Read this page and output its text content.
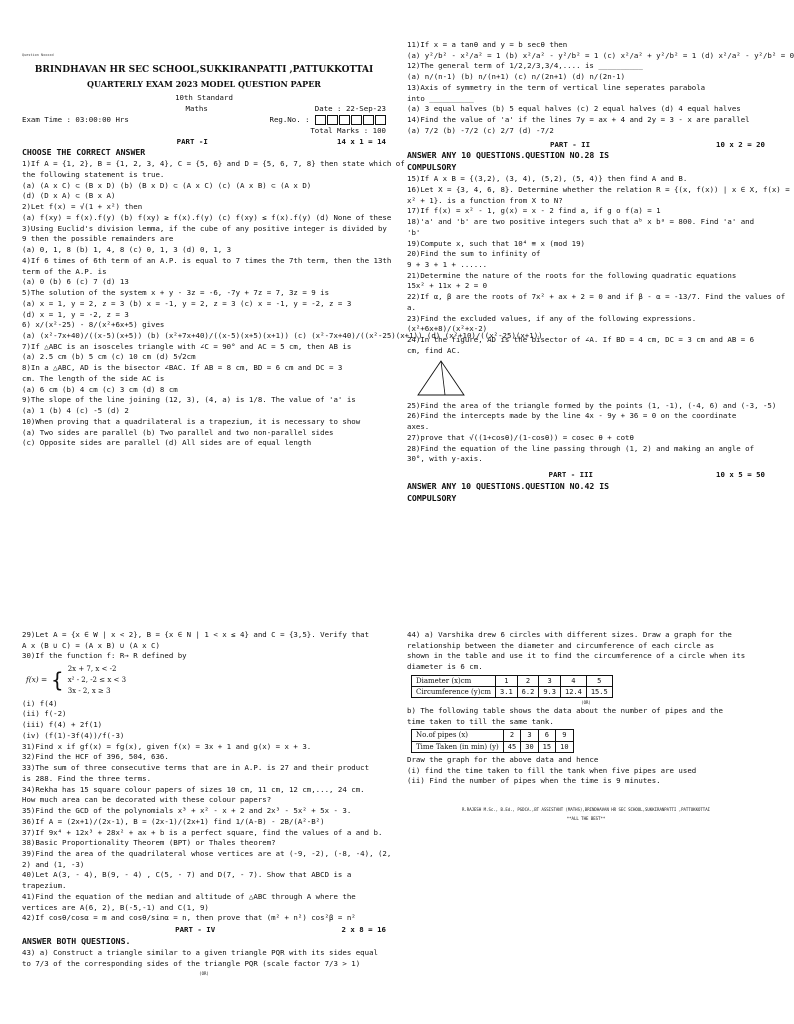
Question Nxxxxd
BRINDHAVAN HR SEC SCHOOL,SUKKIRANPATTI ,PATTUKKOTTAI
QUARTERLY EXAM 2023 MODEL QUESTION PAPER
10th Standard
Maths	Date : 22-Sep-23
Exam Time : 03:00:00 Hrs	Reg.No. :
Total Marks : 100
PART -I	14 x 1 = 14
CHOOSE THE CORRECT ANSWER
1)If A = {1, 2}, B = {1, 2, 3, 4}, C = {5, 6} and D = {5, 6, 7, 8} then state which of
the following statement is true.
(a) (A x C) ⊂ (B x D) (b) (B x D) ⊂ (A x C) (c) (A x B) ⊂ (A x D)
(d) (D x A) ⊂ (B x A)
2)Let f(x) = √(1 + x²) then
(a) f(xy) = f(x).f(y) (b) f(xy) ≥ f(x).f(y) (c) f(xy) ≤ f(x).f(y) (d) None of these
3)Using Euclid's division lemma, if the cube of any positive integer is divided by
9 then the possible remainders are
(a) 0, 1, 8 (b) 1, 4, 8 (c) 0, 1, 3 (d) 0, 1, 3
4)If 6 times of 6th term of an A.P. is equal to 7 times the 7th term, then the 13th
term of the A.P. is
(a) 0 (b) 6 (c) 7 (d) 13
5)The solution of the system x + y - 3z = -6, -7y + 7z = 7, 3z = 9 is
(a) x = 1, y = 2, z = 3 (b) x = -1, y = 2, z = 3 (c) x = -1, y = -2, z = 3
(d) x = 1, y = -2, z = 3
6) x/(x²-25) - 8/(x²+6x+5) gives
(a) (x²-7x+40)/((x-5)(x+5)) (b) (x²+7x+40)/((x-5)(x+5)(x+1)) (c) (x²-7x+40)/((x²-25)(x+1)) (d) (x²+10)/((x²-25)(x+1))
7)If △ABC is an isosceles triangle with ∠C = 90° and AC = 5 cm, then AB is
(a) 2.5 cm (b) 5 cm (c) 10 cm (d) 5√2cm
8)In a △ABC, AD is the bisector ∠BAC. If AB = 8 cm, BD = 6 cm and DC = 3
cm. The length of the side AC is
(a) 6 cm (b) 4 cm (c) 3 cm (d) 8 cm
9)The slope of the line joining (12, 3), (4, a) is 1/8. The value of 'a' is
(a) 1 (b) 4 (c) -5 (d) 2
10)When proving that a quadrilateral is a trapezium, it is necessary to show
(a) Two sides are parallel (b) Two parallel and two non-parallel sides
(c) Opposite sides are parallel (d) All sides are of equal length
11)If x = a tanθ and y = b secθ then
(a) y²/b² - x²/a² = 1 (b) x²/a² - y²/b² = 1 (c) x²/a² + y²/b² = 1 (d) x²/a² - y²/b² = 0
12)The general term of 1/2,2/3,3/4,.... is __________
(a) n/(n-1) (b) n/(n+1) (c) n/(2n+1) (d) n/(2n-1)
13)Axis of symmetry in the term of vertical line seperates parabola
into __________
(a) 3 equal halves (b) 5 equal halves (c) 2 equal halves (d) 4 equal halves
14)Find the value of 'a' if the lines 7y = ax + 4 and 2y = 3 - x are parallel
(a) 7/2 (b) -7/2 (c) 2/7 (d) -7/2
PART - II	10 x 2 = 20
ANSWER ANY 10 QUESTIONS.QUESTION NO.28 IS
COMPULSORY
15)If A x B = {(3,2), (3, 4), (5,2), (5, 4)} then find A and B.
16)Let X = {3, 4, 6, 8}. Determine whether the relation R = {(x, f(x)) | x ∈ X, f(x) =
x² + 1}. is a function from X to N?
17)If f(x) = x² - 1, g(x) = x - 2 find a, if g o f(a) = 1
18)'a' and 'b' are two positive integers such that aᵇ x bᵃ = 800. Find 'a' and
'b'
19)Compute x, such that 10⁴ ≡ x (mod 19)
20)Find the sum to infinity of
9 + 3 + 1 + ......
21)Determine the nature of the roots for the following quadratic equations
15x² + 11x + 2 = 0
22)If α, β are the roots of 7x² + ax + 2 = 0 and if β - α = -13/7. Find the values of
a.
23)Find the excluded values, if any of the following expressions.
(x²+6x+8)/(x²+x-2)
24)In the figure, AD is the bisector of ∠A. If BD = 4 cm, DC = 3 cm and AB = 6
cm, find AC.
25)Find the area of the triangle formed by the points (1, -1), (-4, 6) and (-3, -5)
26)Find the intercepts made by the line 4x - 9y + 36 = 0 on the coordinate
axes.
27)prove that √((1+cosθ)/(1-cosθ)) = cosec θ + cotθ
28)Find the equation of the line passing through (1, 2) and making an angle of
30°, with y-axis.
PART - III	10 x 5 = 50
ANSWER ANY 10 QUESTIONS.QUESTION NO.42 IS
COMPULSORY
29)Let A = {x ∈ W | x < 2}, B = {x ∈ N | 1 < x ≤ 4} and C = {3,5}. Verify that
A x (B ∪ C) = (A x B) ∪ (A x C)
30)If the function f: R→ R defined by
f(x) = { 2x + 7, x < -2
x² - 2, -2 ≤ x < 3
3x - 2, x ≥ 3
(i) f(4)
(ii) f(-2)
(iii) f(4) + 2f(1)
(iv) (f(1)-3f(4))/f(-3)
31)Find x if gf(x) = fg(x), given f(x) = 3x + 1 and g(x) = x + 3.
32)Find the HCF of 396, 504, 636.
33)The sum of three consecutive terms that are in A.P. is 27 and their product
is 288. Find the three terms.
34)Rekha has 15 square colour papers of sizes 10 cm, 11 cm, 12 cm,..., 24 cm.
How much area can be decorated with these colour papers?
35)Find the GCD of the polynomials x³ + x² - x + 2 and 2x³ - 5x² + 5x - 3.
36)If A = (2x+1)/(2x-1), B = (2x-1)/(2x+1) find 1/(A-B) - 2B/(A²-B²)
37)If 9x⁴ + 12x³ + 28x² + ax + b is a perfect square, find the values of a and b.
38)Basic Proportionality Theorem (BPT) or Thales theorem?
39)Find the area of the quadrilateral whose vertices are at (-9, -2), (-8, -4), (2,
2) and (1, -3)
40)Let A(3, - 4), B(9, - 4) , C(5, - 7) and D(7, - 7). Show that ABCD is a
trapezium.
41)Find the equation of the median and altitude of △ABC through A where the
vertices are A(6, 2), B(-5,-1) and C(1, 9)
42)If cosθ/cosα = m and cosθ/sinα = n, then prove that (m² + n²) cos²β = n²
PART - IV	2 x 8 = 16
ANSWER BOTH QUESTIONS.
43) a) Construct a triangle similar to a given triangle PQR with its sides equal
to 7/3 of the corresponding sides of the triangle PQR (scale factor 7/3 > 1)
(OR)
44) a) Varshika drew 6 circles with different sizes. Draw a graph for the
relationship between the diameter and circumference of each circle as
shown in the table and use it to find the circumference of a circle when its
diameter is 6 cm.
Diameter (x)cm	1	2	3	4	5
Circumference (y)cm	3.1	6.2	9.3	12.4	15.5
(OR)
b) The following table shows the data about the number of pipes and the
time taken to till the same tank.
No.of pipes (x)	2	3	6	9
Time Taken (in min) (y)	45	30	15	10
Draw the graph for the above data and hence
(i) find the time taken to fill the tank when five pipes are used
(ii) Find the number of pipes when the time is 9 minutes.
R.RAJESH M.Sc., B.Ed., PGDCA.,BT ASSISTANT (MATHS),BRINDHAVAN HR SEC SCHOOL,SUKKIRANPATTI ,PATTUKKOTTAI
**ALL THE BEST**
